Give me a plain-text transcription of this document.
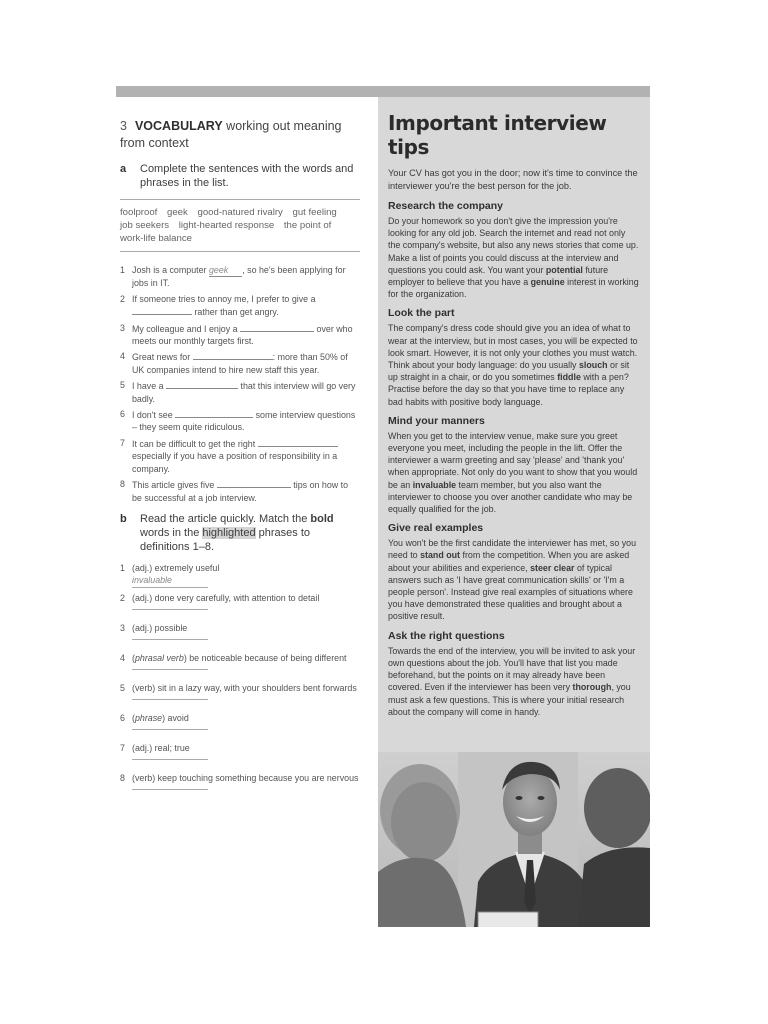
3 VOCABULARY working out meaning from context

a Complete the sentences with the words and phrases in the list.
foolproof geek good-natured rivalry gut feeling job seekers light-hearted response the point of work-life balance
1 Josh is a computer geek , so he's been applying for jobs in IT.
2 If someone tries to annoy me, I prefer to give a  rather than get angry.
3 My colleague and I enjoy a	over who meets our monthly targets first.
4 Great news for	: more than 50% of UK companies intend to hire new staff this year.
5 I have a	that this interview will go very badly.
6 I don't see	some interview questions – they seem quite ridiculous.
7 It can be difficult to get the right  especially if you have a position of responsibility in a company.
8 This article gives five	tips on how to be successful at a job interview.
b Read the article quickly. Match the bold words in the highlighted phrases to definitions 1–8.
1 (adj.) extremely useful
invaluable
2 (adj.) done very carefully, with attention to detail
3 (adj.) possible
4 (phrasal verb) be noticeable because of being different
5 (verb) sit in a lazy way, with your shoulders bent forwards
6 (phrase) avoid
7 (adj.) real; true
8 (verb) keep touching something because you are nervous
Important interview tips

Your CV has got you in the door; now it's time to convince the interviewer you're the best person for the job.

Research the company

Do your homework so you don't give the impression you're looking for any old job. Search the internet and read not only the company's website, but also any news stories that come up. Make a list of points you could discuss at the interview and questions you could ask. You want your potential future employer to believe that you have a genuine interest in working for the organization.

Look the part

The company's dress code should give you an idea of what to wear at the interview, but in most cases, you will be expected to look smart. However, it is not only your clothes you must watch. Think about your body language: do you usually slouch or sit up straight in a chair, or do you sometimes fiddle with a pen? Practise before the day so that you have time to replace any bad habits with positive body language.

Mind your manners

When you get to the interview venue, make sure you greet everyone you meet, including the people in the lift. Offer the interviewer a warm greeting and say 'please' and 'thank you' when appropriate. Not only do you want to show that you would be an invaluable team member, but you also want the interviewer to choose you over another candidate who may be equally qualified for the job.

Give real examples

You won't be the first candidate the interviewer has met, so you need to stand out from the competition. When you are asked about your abilities and experience, steer clear of typical answers such as 'I have great communication skills' or 'I'm a people person'. Instead give real examples of situations where you have demonstrated these qualities and brought about a positive result.

Ask the right questions

Towards the end of the interview, you will be invited to ask your own questions about the job. You'll have that list you made beforehand, but the points on it may already have been covered. Even if the interviewer has been very thorough, you must ask a few questions. This is where your initial research about the company will come in handy.
